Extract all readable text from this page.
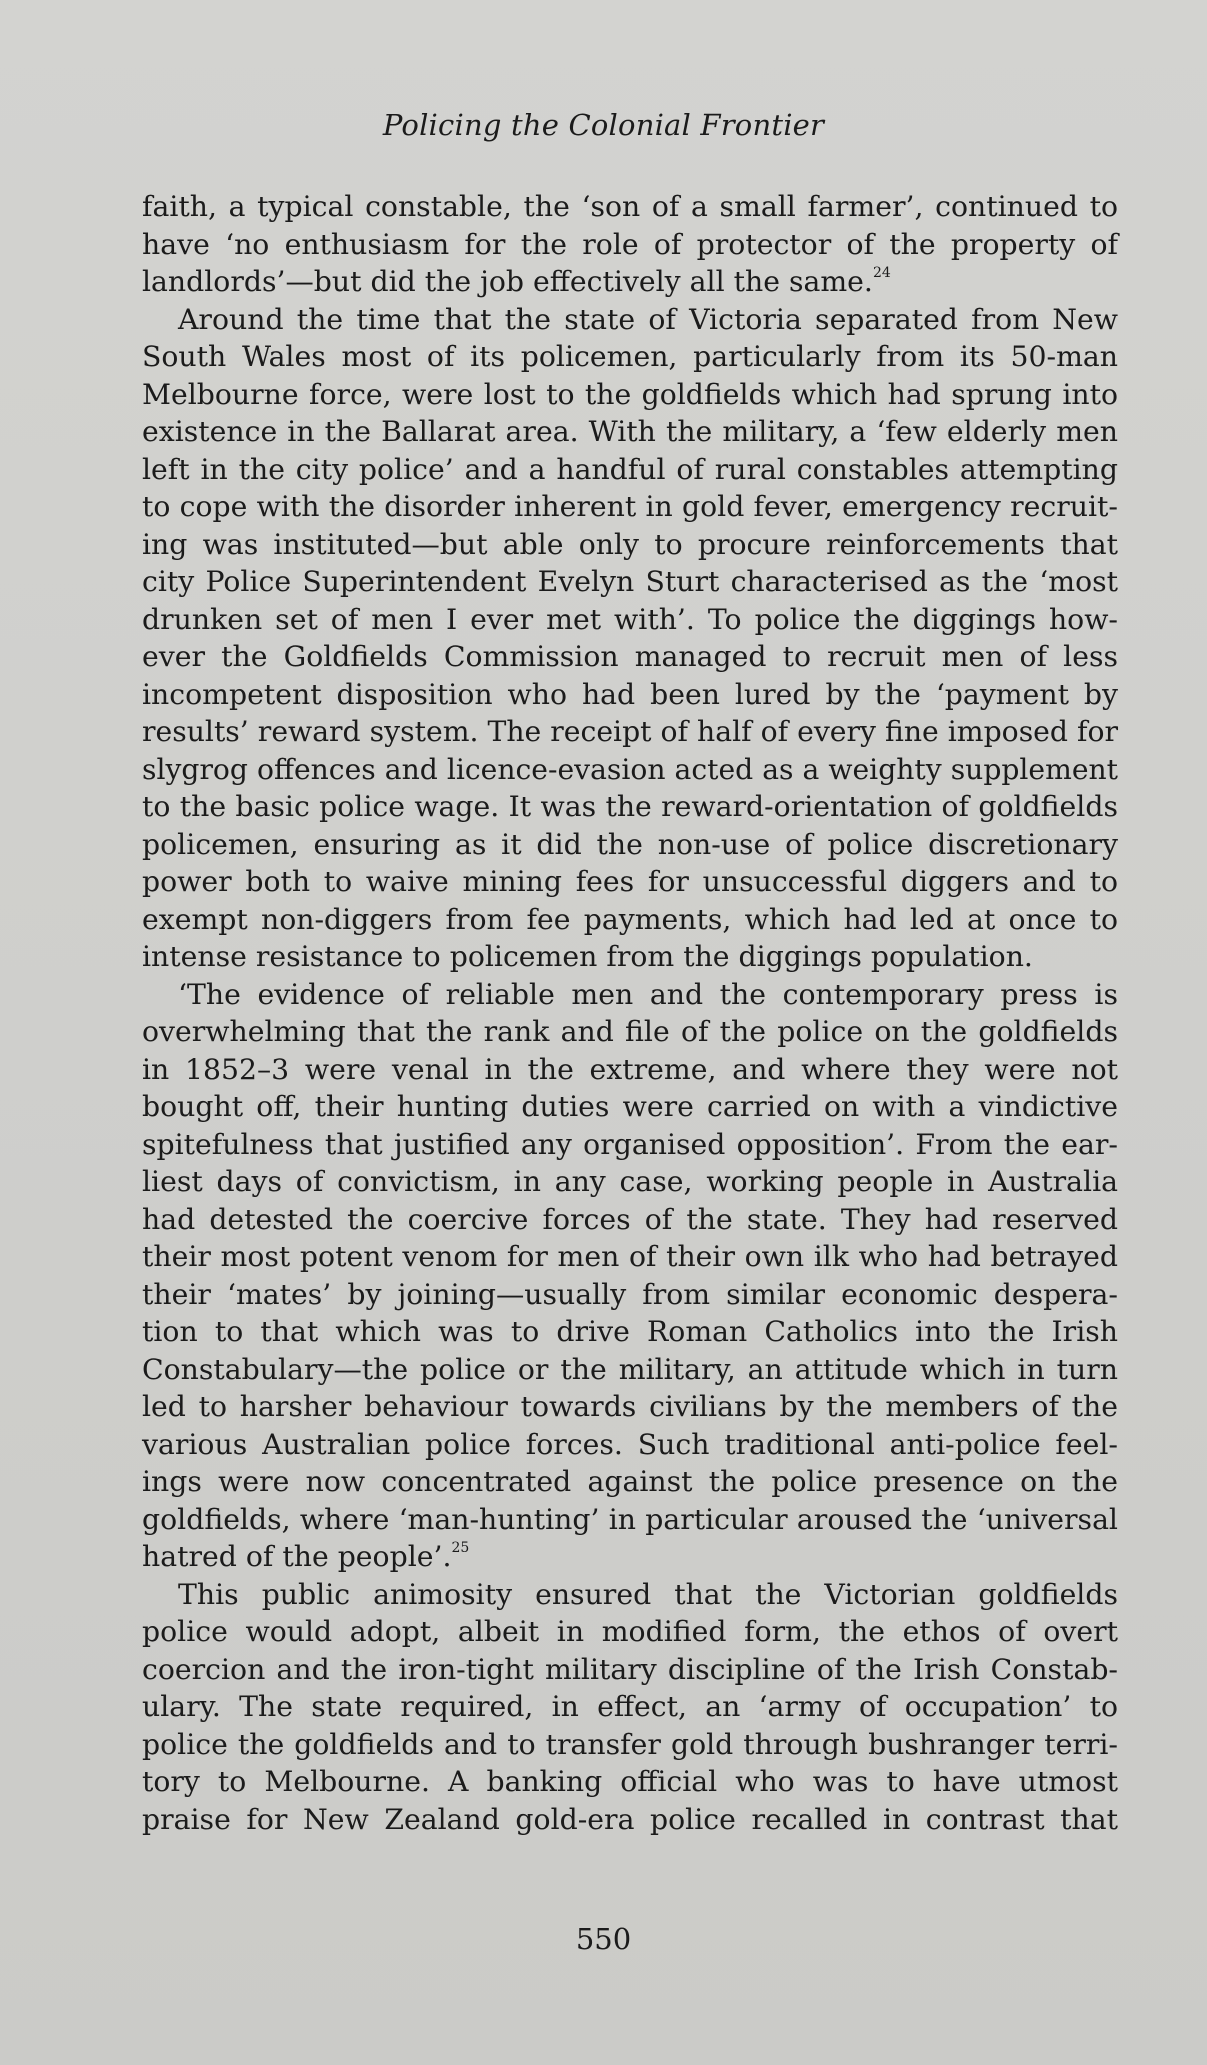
Policing the Colonial Frontier
faith, a typical constable, the ‘son of a small farmer’, continued to
have ‘no enthusiasm for the role of protector of the property of
landlords’—but did the job effectively all the same.$^{24}$
Around the time that the state of Victoria separated from New
South Wales most of its policemen, particularly from its 50-man
Melbourne force, were lost to the goldfields which had sprung into
existence in the Ballarat area. With the military, a ‘few elderly men
left in the city police’ and a handful of rural constables attempting
to cope with the disorder inherent in gold fever, emergency recruit-
ing was instituted—but able only to procure reinforcements that
city Police Superintendent Evelyn Sturt characterised as the ‘most
drunken set of men I ever met with’. To police the diggings how-
ever the Goldfields Commission managed to recruit men of less
incompetent disposition who had been lured by the ‘payment by
results’ reward system. The receipt of half of every fine imposed for
slygrog offences and licence-evasion acted as a weighty supplement
to the basic police wage. It was the reward-orientation of goldfields
policemen, ensuring as it did the non-use of police discretionary
power both to waive mining fees for unsuccessful diggers and to
exempt non-diggers from fee payments, which had led at once to
intense resistance to policemen from the diggings population.
‘The evidence of reliable men and the contemporary press is
overwhelming that the rank and file of the police on the goldfields
in 1852–3 were venal in the extreme, and where they were not
bought off, their hunting duties were carried on with a vindictive
spitefulness that justified any organised opposition’. From the ear-
liest days of convictism, in any case, working people in Australia
had detested the coercive forces of the state. They had reserved
their most potent venom for men of their own ilk who had betrayed
their ‘mates’ by joining—usually from similar economic despera-
tion to that which was to drive Roman Catholics into the Irish
Constabulary—the police or the military, an attitude which in turn
led to harsher behaviour towards civilians by the members of the
various Australian police forces. Such traditional anti-police feel-
ings were now concentrated against the police presence on the
goldfields, where ‘man-hunting’ in particular aroused the ‘universal
hatred of the people’.$^{25}$
This public animosity ensured that the Victorian goldfields
police would adopt, albeit in modified form, the ethos of overt
coercion and the iron-tight military discipline of the Irish Constab-
ulary. The state required, in effect, an ‘army of occupation’ to
police the goldfields and to transfer gold through bushranger terri-
tory to Melbourne. A banking official who was to have utmost
praise for New Zealand gold-era police recalled in contrast that
550
